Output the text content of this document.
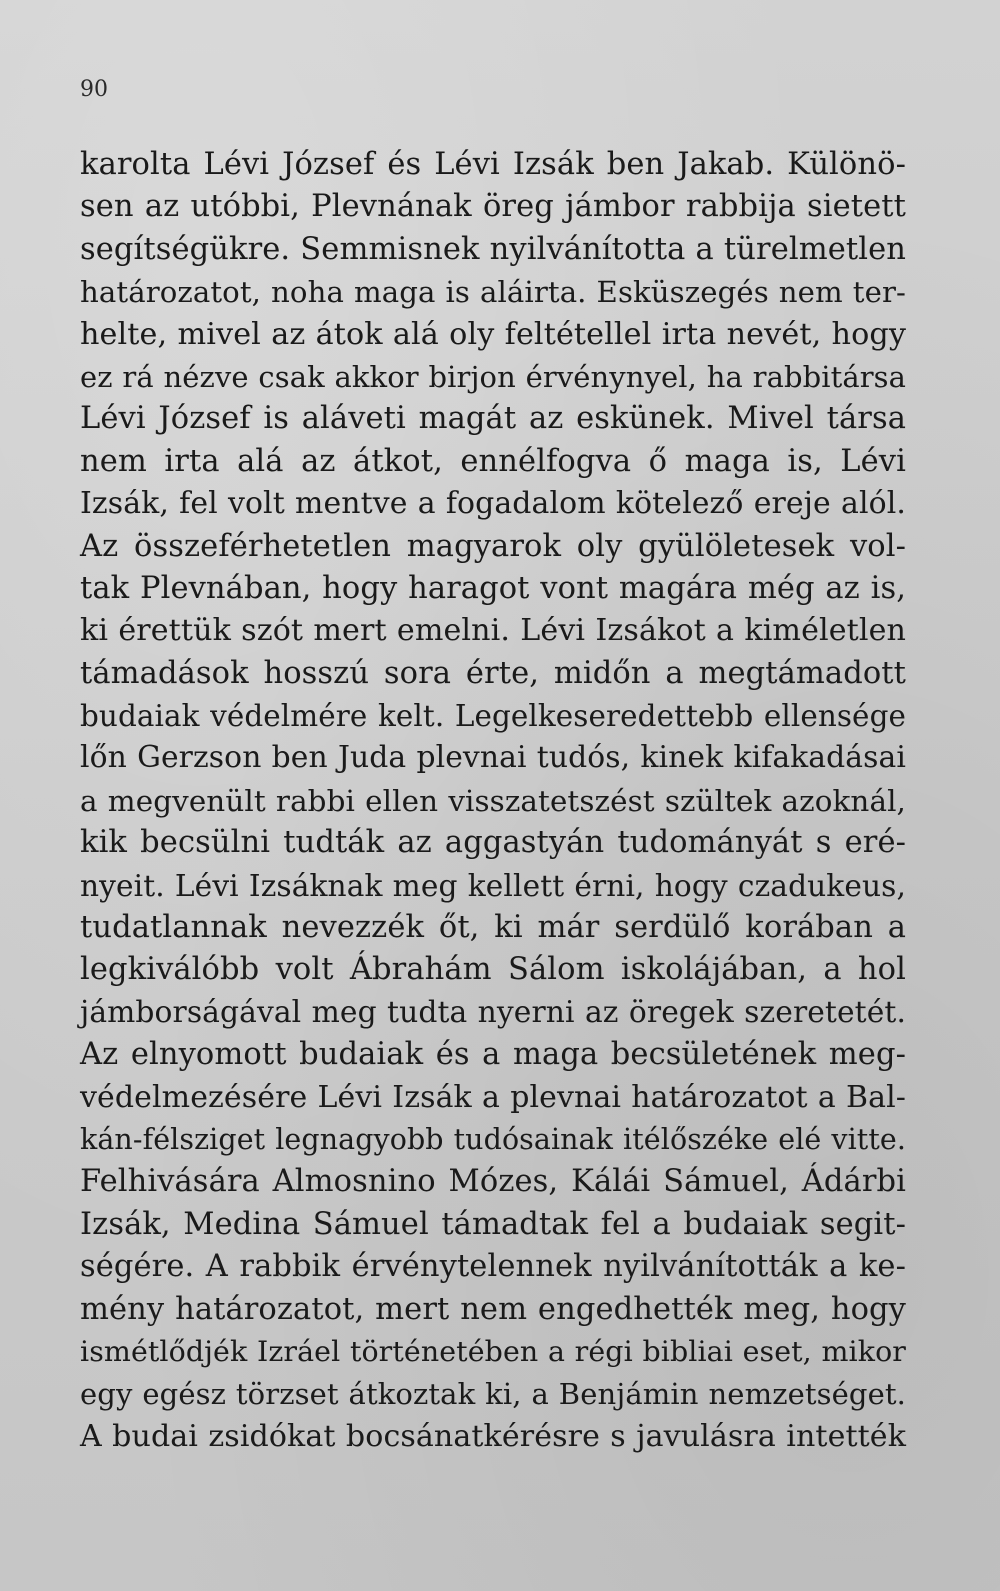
90
karolta Lévi József és Lévi Izsák ben Jakab. Különö-
sen az utóbbi, Plevnának öreg jámbor rabbija sietett
segítségükre. Semmisnek nyilvánította a türelmetlen
határozatot, noha maga is aláirta. Esküszegés nem ter-
helte, mivel az átok alá oly feltétellel irta nevét, hogy
ez rá nézve csak akkor birjon érvénynyel, ha rabbitársa
Lévi József is aláveti magát az eskünek. Mivel társa
nem irta alá az átkot, ennélfogva ő maga is, Lévi
Izsák, fel volt mentve a fogadalom kötelező ereje alól.
Az összeférhetetlen magyarok oly gyülöletesek vol-
tak Plevnában, hogy haragot vont magára még az is,
ki érettük szót mert emelni. Lévi Izsákot a kiméletlen
támadások hosszú sora érte, midőn a megtámadott
budaiak védelmére kelt. Legelkeseredettebb ellensége
lőn Gerzson ben Juda plevnai tudós, kinek kifakadásai
a megvenült rabbi ellen visszatetszést szültek azoknál,
kik becsülni tudták az aggastyán tudományát s eré-
nyeit. Lévi Izsáknak meg kellett érni, hogy czadukeus,
tudatlannak nevezzék őt, ki már serdülő korában a
legkiválóbb volt Ábrahám Sálom iskolájában, a hol
jámborságával meg tudta nyerni az öregek szeretetét.
Az elnyomott budaiak és a maga becsületének meg-
védelmezésére Lévi Izsák a plevnai határozatot a Bal-
kán-félsziget legnagyobb tudósainak itélőszéke elé vitte.
Felhivására Almosnino Mózes, Kálái Sámuel, Ádárbi
Izsák, Medina Sámuel támadtak fel a budaiak segit-
ségére. A rabbik érvénytelennek nyilvánították a ke-
mény határozatot, mert nem engedhették meg, hogy
ismétlődjék Izráel történetében a régi bibliai eset, mikor
egy egész törzset átkoztak ki, a Benjámin nemzetséget.
A budai zsidókat bocsánatkérésre s javulásra intették
